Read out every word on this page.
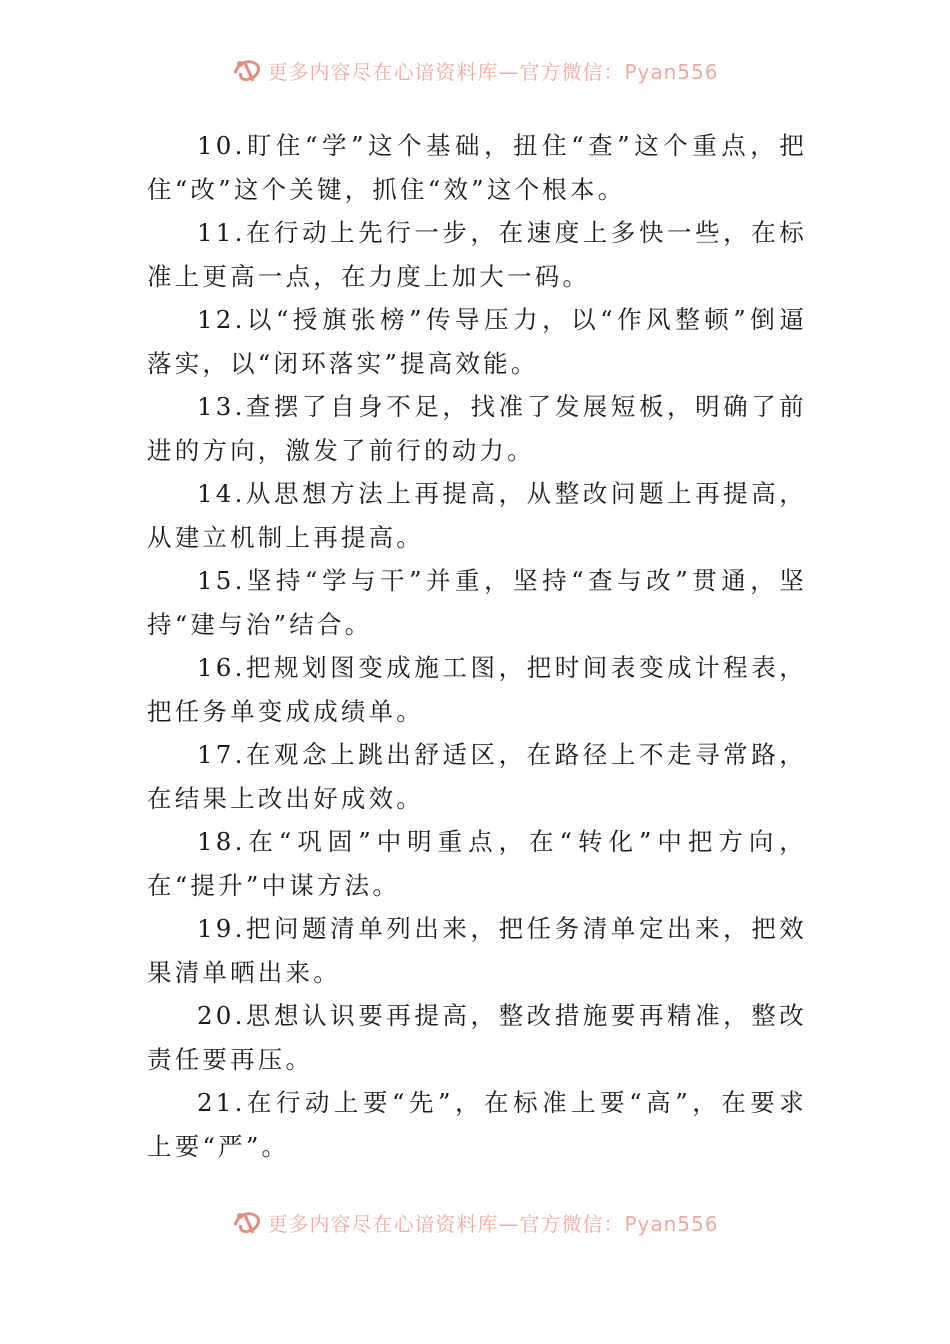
更多内容尽在心谙资料库—官方微信：Pyan556

10.盯住“学”这个基础，扭住“查”这个重点，把住“改”这个关键，抓住“效”这个根本。

11.在行动上先行一步，在速度上多快一些，在标准上更高一点，在力度上加大一码。

12.以“授旗张榜”传导压力，以“作风整顿”倒逼落实，以“闭环落实”提高效能。

13.查摆了自身不足，找准了发展短板，明确了前进的方向，激发了前行的动力。

14.从思想方法上再提高，从整改问题上再提高，从建立机制上再提高。

15.坚持“学与干”并重，坚持“查与改”贯通，坚持“建与治”结合。

16.把规划图变成施工图，把时间表变成计程表，把任务单变成成绩单。

17.在观念上跳出舒适区，在路径上不走寻常路，在结果上改出好成效。

18.在“巩固”中明重点，在“转化”中把方向，在“提升”中谋方法。

19.把问题清单列出来，把任务清单定出来，把效果清单晒出来。

20.思想认识要再提高，整改措施要再精准，整改责任要再压。

21.在行动上要“先”，在标准上要“高”，在要求上要“严”。

更多内容尽在心谙资料库—官方微信：Pyan556
